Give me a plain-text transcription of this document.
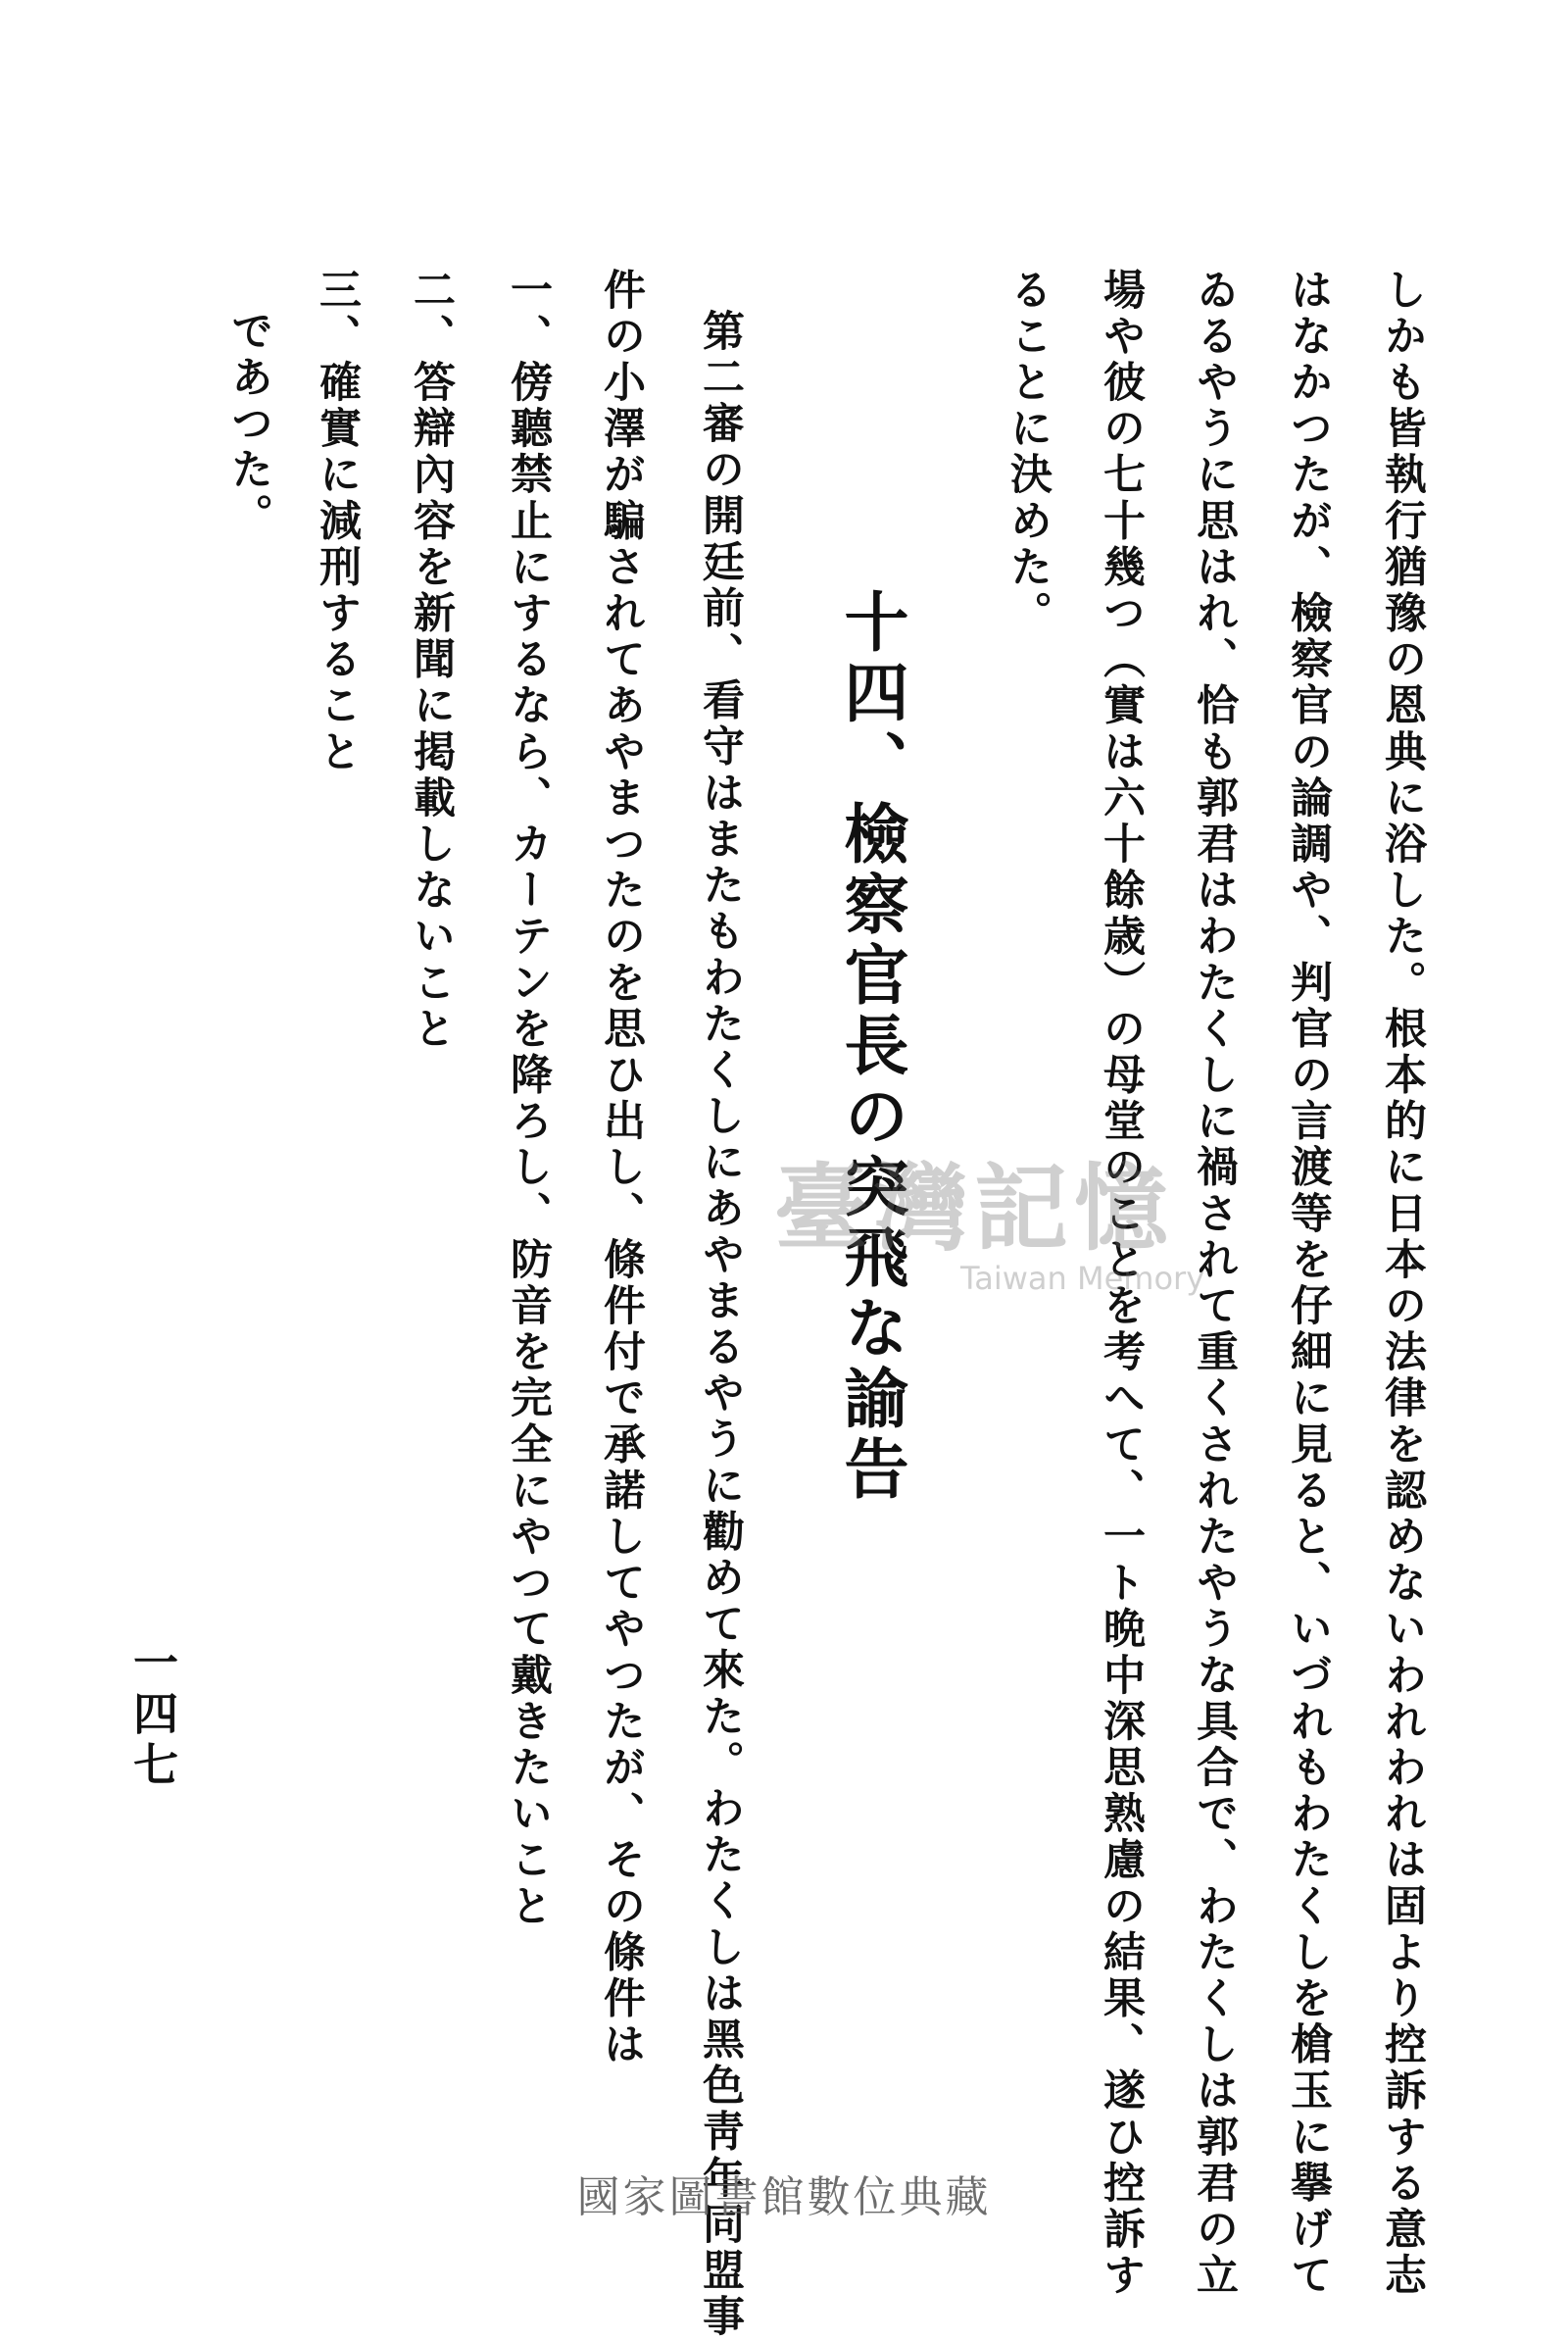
しかも皆執行猶豫の恩典に浴した。根本的に日本の法律を認めないわれわれは固より控訴する意志
はなかつたが、檢察官の論調や、判官の言渡等を仔細に見ると、いづれもわたくしを槍玉に擧げて
ゐるやうに思はれ、恰も郭君はわたくしに禍されて重くされたやうな具合で、わたくしは郭君の立
場や彼の七十幾つ（實は六十餘歳）の母堂のことを考へて、一ト晩中深思熟慮の結果、遂ひ控訴す
ることに決めた。
十四、檢察官長の突飛な諭告
第二審の開廷前、看守はまたもわたくしにあやまるやうに勸めて來た。わたくしは黑色靑年同盟事
件の小澤が騙されてあやまつたのを思ひ出し、條件付で承諾してやつたが、その條件は
一、傍聽禁止にするなら、カーテンを降ろし、防音を完全にやつて戴きたいこと
二、答辯內容を新聞に掲載しないこと
三、確實に減刑すること
であつた。
一四七
臺灣記憶
Taiwan Memory
國家圖書館數位典藏
